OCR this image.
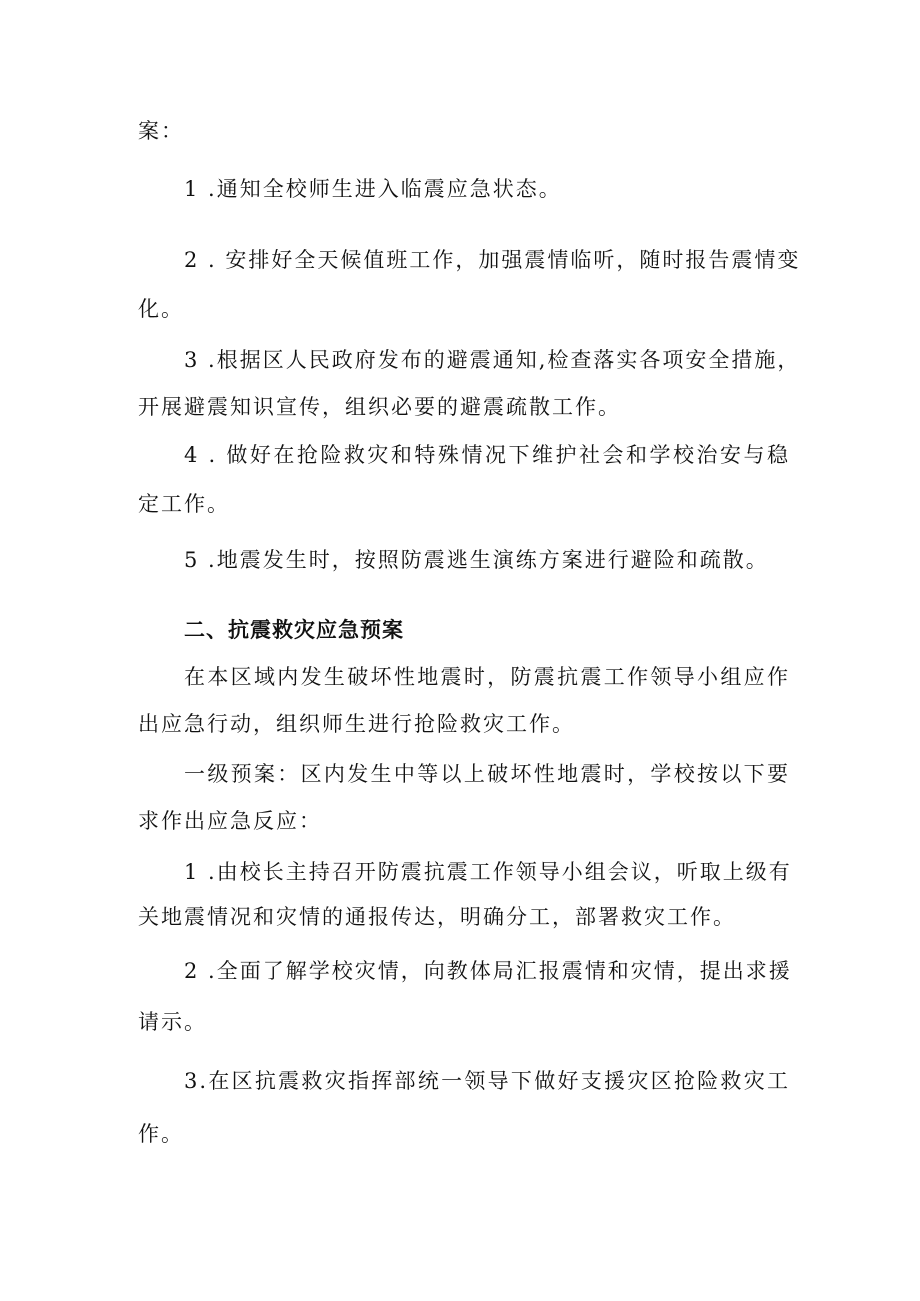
案：
1 .通知全校师生进入临震应急状态。
2 . 安排好全天候值班工作，加强震情临听，随时报告震情变
化。
3 .根据区人民政府发布的避震通知,检查落实各项安全措施，
开展避震知识宣传，组织必要的避震疏散工作。
4 . 做好在抢险救灾和特殊情况下维护社会和学校治安与稳
定工作。
5 .地震发生时，按照防震逃生演练方案进行避险和疏散。
二、抗震救灾应急预案
在本区域内发生破坏性地震时，防震抗震工作领导小组应作
出应急行动，组织师生进行抢险救灾工作。
一级预案：区内发生中等以上破坏性地震时，学校按以下要
求作出应急反应：
1 .由校长主持召开防震抗震工作领导小组会议，听取上级有
关地震情况和灾情的通报传达，明确分工，部署救灾工作。
2 .全面了解学校灾情，向教体局汇报震情和灾情，提出求援
请示。
3.在区抗震救灾指挥部统一领导下做好支援灾区抢险救灾工
作。
